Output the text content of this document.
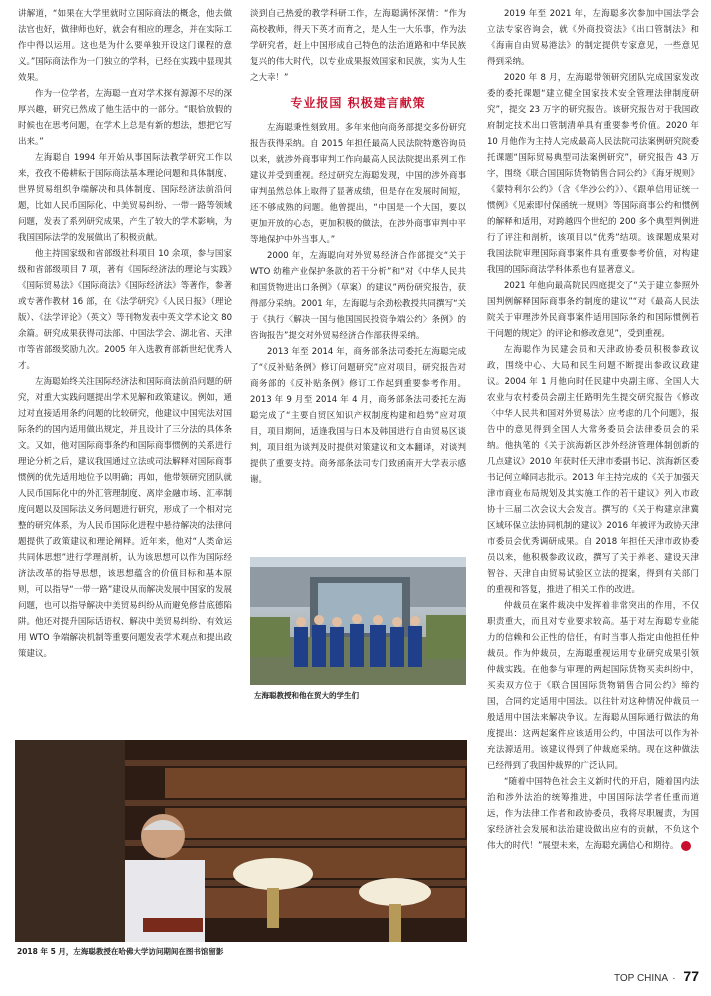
讲解道，“如果在大学里就时立国际商法的概念，他去做法官也好，做律师也好，就会有相应的理念，并在实际工作中得以运用。这也是为什么要单独开设这门课程的意义。”国际商法作为一门独立的学科，已经在实践中显现其效果。

作为一位学者，左海聪一直对学术探有源源不尽的深厚兴趣，研究已然成了他生活中的一部分。“眼恰放假的时候也在思考问题，在学术上总是有新的想法，想把它写出来。”

左海聪自 1994 年开始从事国际法教学研究工作以来，孜孜不倦耕耘于国际商法基本理论问题和具体制度、世界贸易组织争端解决和具体制度、国际经济法前沿问题，比如人民币国际化、中美贸易纠纷、一带一路等领域问题，发表了系列研究成果，产生了较大的学术影响，为我国国际法学的发展做出了积极贡献。

他主持国家级和省部级社科项目 10 余项，参与国家级和省部级项目 7 项，著有《国际经济法的理论与实践》《国际贸易法》《国际商法》《国际经济法》等著作，参著或专著作教材 16 部，在《法学研究》《人民日报》（理论版）、《法学评论》（英文）等刊物发表中英文学术论文 80 余篇。研究成果获得司法部、中国法学会、湖北省、天津市等省部级奖励九次。2005 年入选教育部新世纪优秀人才。

左海聪始终关注国际经济法和国际商法前沿问题的研究，对重大实践问题提出学术见解和政策建议。例如，通过对直接适用条约问题的比较研究，他建议中国宪法对国际条约的国内适用做出规定，并且设计了三分法的具体条文。又如，他对国际商事条约和国际商事惯例的关系进行理论分析之后，建议我国通过立法或司法解释对国际商事惯例的优先适用地位予以明确；再如，他带领研究团队就人民币国际化中的外汇管理制度、离岸金融市场、汇率制度问题以及国际法义务问题进行研究，形成了一个相对完整的研究体系，为人民币国际化进程中悬待解决的法律问题提供了政策建议和理论阐释。近年来，他对“人类命运共同体思想”进行学理剖析，认为该思想可以作为国际经济法改革的指导思想，该思想蕴含的价值目标和基本原则，可以指导“一带一路”建设从而解决发展中国家的发展问题，也可以指导解决中美贸易纠纷从而避免修昔底德陷阱。他还对提升国际话语权、解决中美贸易纠纷、有效运用 WTO 争端解决机制等重要问题发表学术观点和提出政策建议。

淡到自己热爱的教学科研工作，左海聪满怀深情：“作为高校教师，得天下英才而育之，是人生一大乐事，作为法学研究者，赶上中国形成自己特色的法治道路和中华民族复兴的伟大时代，以专业成果报效国家和民族，实为人生之大幸！”

专业报国 积极建言献策

左海聪秉性刻致用。多年来他向商务部提交多份研究报告获得采纳。自 2015 年担任最高人民法院特邀咨询员以来，就涉外商事审判工作向最高人民法院提出系列工作建议并受到重视。经过研究左海聪发现，中国的涉外商事审判虽然总体上取得了显著成绩，但是存在发展时间短，还不够成熟的问题。他曾提出，“中国是一个大国，要以更加开放的心态，更加积极的做法，在涉外商事审判中平等地保护中外当事人。”

2000 年，左海聪向对外贸易经济合作部提交“关于 WTO 幼稚产业保护条款的若干分析”和“对《中华人民共和国货物进出口条例》（草案）的建议”两份研究报告，获得部分采纳。2001 年，左海聪与余劲松教授共同撰写“关于《执行〈解决一国与他国国民投资争端公约〉条例》的咨询报告”提交对外贸易经济合作部获得采纳。

2013 年至 2014 年，商务部条法司委托左海聪完成了“《反补贴条例》修订问题研究”应对项目，研究报告对商务部的《反补贴条例》修订工作起到重要参考作用。2013 年 9 月至 2014 年 4 月，商务部条法司委托左海聪完成了“主要自贸区知识产权制度构建和趋势”应对项目，项目期间，适逢我国与日本及韩国进行自由贸易区谈判，项目组为谈判及时提供对策建议和文本翻译，对谈判提供了重要支持。商务部条法司专门致函南开大学表示感谢。

2019 年至 2021 年，左海聪多次参加中国法学会立法专家咨询会，就《外商投资法》《出口管制法》和《海南自由贸易港法》的制定提供专家意见，一些意见得到采纳。

2020 年 8 月，左海聪带领研究团队完成国家发改委的委托课题“建立健全国家技术安全管理法律制度研究”，提交 23 万字的研究报告。该研究报告对于我国政府制定技术出口管制清单具有重要参考价值。2020 年 10 月他作为主持人完成最高人民法院司法案例研究院委托课题“国际贸易典型司法案例研究”，研究报告 43 万字，围绕《联合国国际货物销售合同公约》《海牙规则》《蒙特利尔公约》（含《华沙公约》）、《跟单信用证统一惯例》《见索即付保函统一规则》等国际商事公约和惯例的解释和适用，对跨越四个世纪的 200 多个典型判例进行了评注和剖析，该项目以“优秀”结项。该课题成果对我国法院审理国际商事案件具有重要参考价值，对构建我国的国际商法学科体系也有显著意义。

2021 年他向最高院民四庭提交了“关于建立参照外国判例解释国际商事条约制度的建议”“对《最高人民法院关于审理涉外民商事案件适用国际条约和国际惯例若干问题的规定》的评论和修改意见”，受到重视。

左海聪作为民建会员和天津政协委员积极参政议政，围绕中心、大局和民生问题不断提出参政议政建议。2004 年 1 月他向时任民建中央副主席、全国人大农业与农村委员会副主任路明先生提交研究报告《修改〈中华人民共和国对外贸易法〉应考虑的几个问题》，报告中的意见得到全国人大常务委员会法律委员会的采纳。他执笔的《关于滨海新区涉外经济管理体制创新的几点建议》2010 年获时任天津市委副书记、滨海新区委书记何立峰同志批示。2013 年主持完成的《关于加强天津市商业布局规划及其实施工作的若干建议》列入市政协十三届二次会议大会发言。撰写的《关于构建京津冀区域环保立法协同机制的建议》2016 年被评为政协天津市委员会优秀调研成果。自 2018 年担任天津市政协委员以来，他积极参政议政，撰写了关于养老、建设天津智谷、天津自由贸易试验区立法的提案，得到有关部门的重视和答复，推进了相关工作的改进。

仲裁员在案件裁决中发挥着非常突出的作用，不仅职责重大，而且对专业要求较高。基于对左海聪专业能力的信赖和公正性的信任，有时当事人指定由他担任仲裁员。作为仲裁员，左海聪重视运用专业研究成果引领仲裁实践。在他参与审理的两起国际货物买卖纠纷中，买卖双方位于《联合国国际货物销售合同公约》缔约国，合同约定适用中国法。以往针对这种情况仲裁员一般适用中国法来解决争议。左海聪从国际通行做法的角度提出：这两起案件应该适用公约，中国法可以作为补充法源适用。该建议得到了仲裁庭采纳。现在这种做法已经得到了我国仲裁界的广泛认同。

“随着中国特色社会主义新时代的开启，随着国内法治和涉外法治的统筹推进，中国国际法学者任重而道远，作为法律工作者和政协委员，我将尽职履责，为国家经济社会发展和法治建设做出应有的贡献，不负这个伟大的时代！”展望未来，左海聪充满信心和期待。

左海聪教授和他在贸大的学生们
2018 年 5 月，左海聪教授在哈佛大学访问期间在图书馆留影
TOP CHINA · 77
